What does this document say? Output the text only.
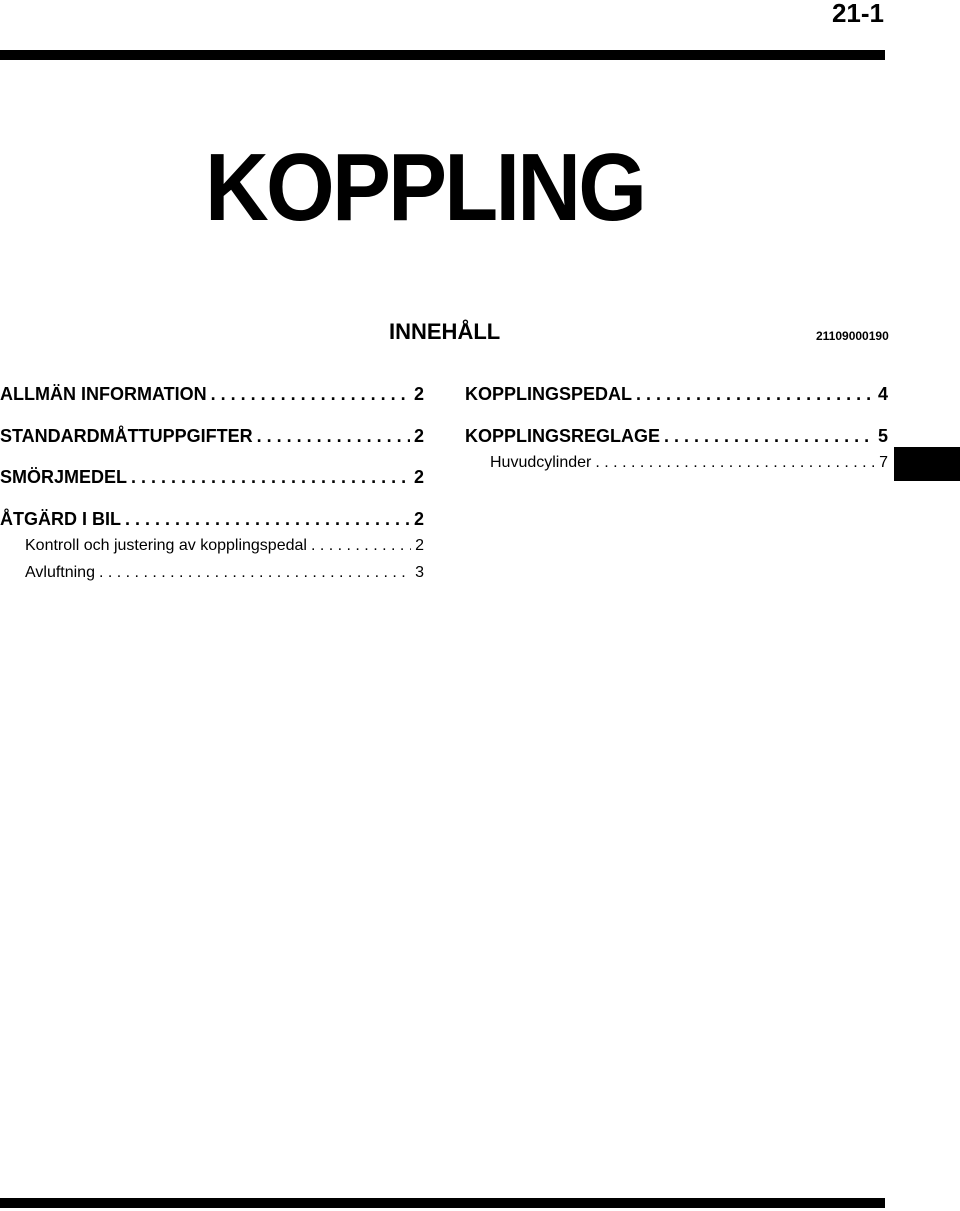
21-1
KOPPLING
INNEHÅLL	21109000190
ALLMÄN INFORMATION . . .	2
STANDARDMÅTTUPPGIFTER . . .	2
SMÖRJMEDEL . . .	2
ÅTGÄRD I BIL . . .	2
Kontroll och justering av kopplingspedal . . .	2
Avluftning . . .	3
KOPPLINGSPEDAL . . .	4
KOPPLINGSREGLAGE . . .	5
Huvudcylinder . . .	7
